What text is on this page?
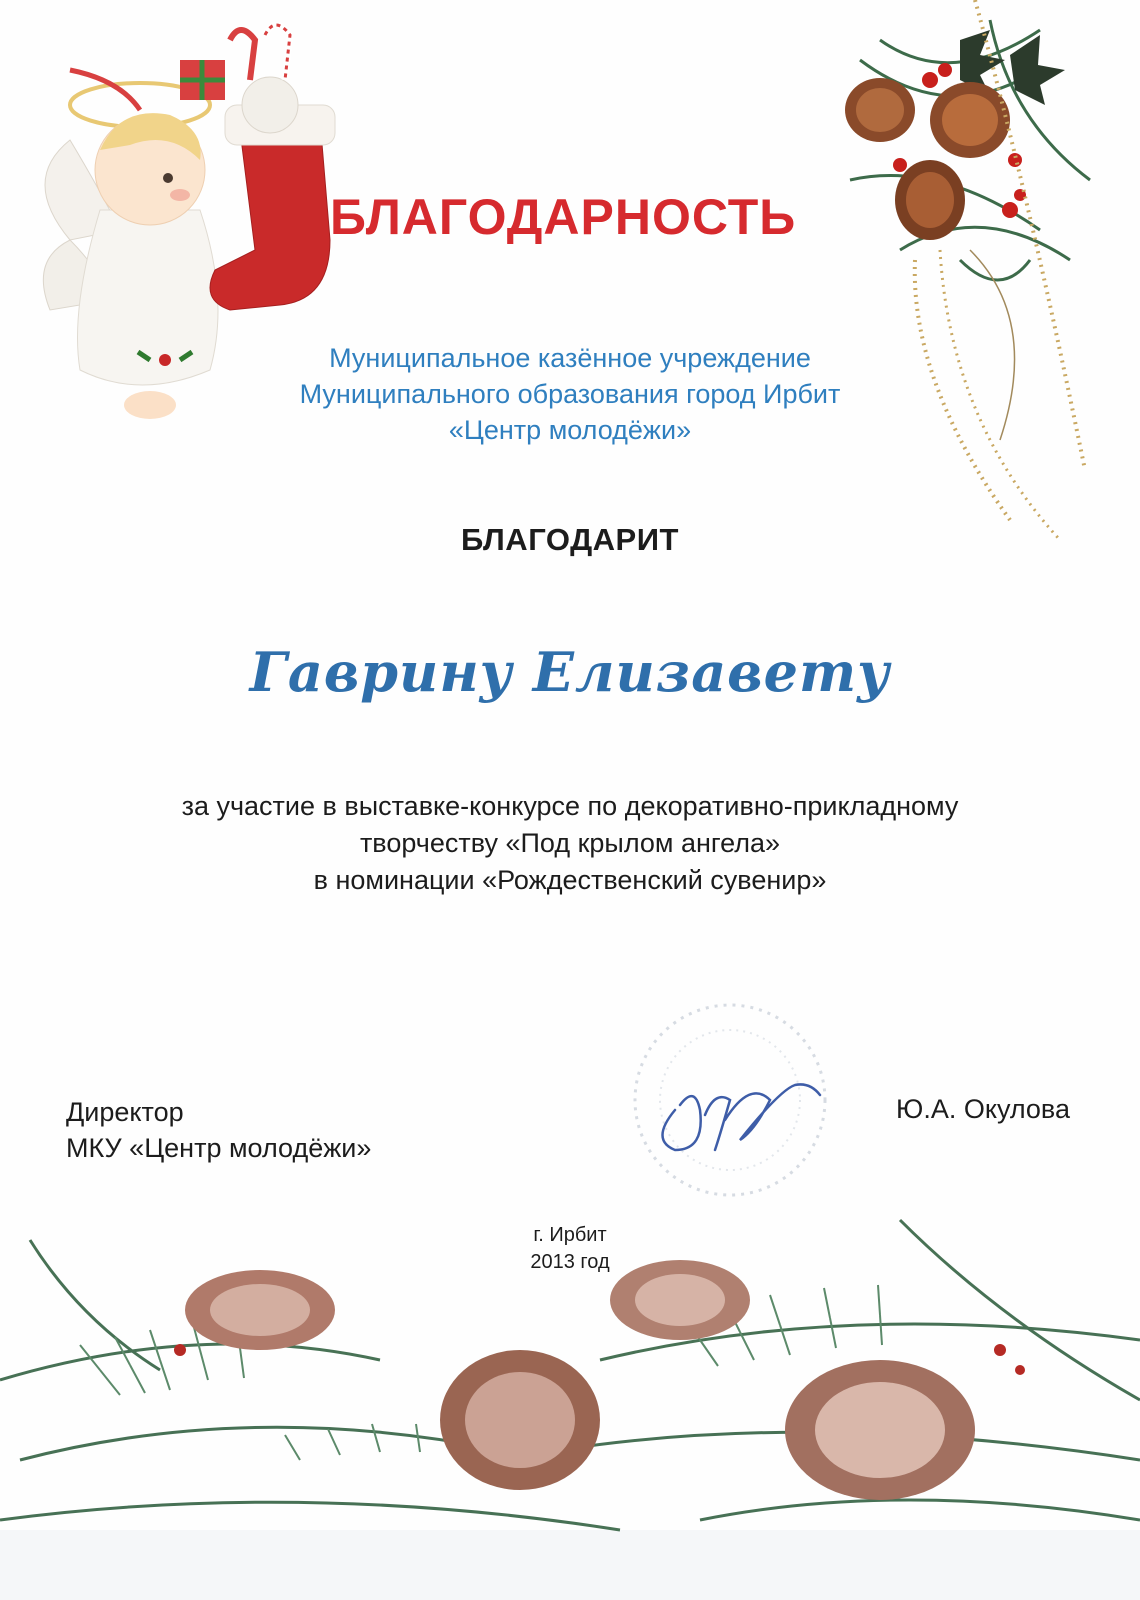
БЛАГОДАРНОСТЬ
Муниципальное казённое учреждение
Муниципального образования город Ирбит
«Центр молодёжи»
БЛАГОДАРИТ
Гаврину Елизавету
за участие в выставке-конкурсе по декоративно-прикладному
творчеству «Под крылом ангела»
в номинации «Рождественский сувенир»
Директор
МКУ «Центр молодёжи»
Ю.А. Окулова
г. Ирбит
2013 год
